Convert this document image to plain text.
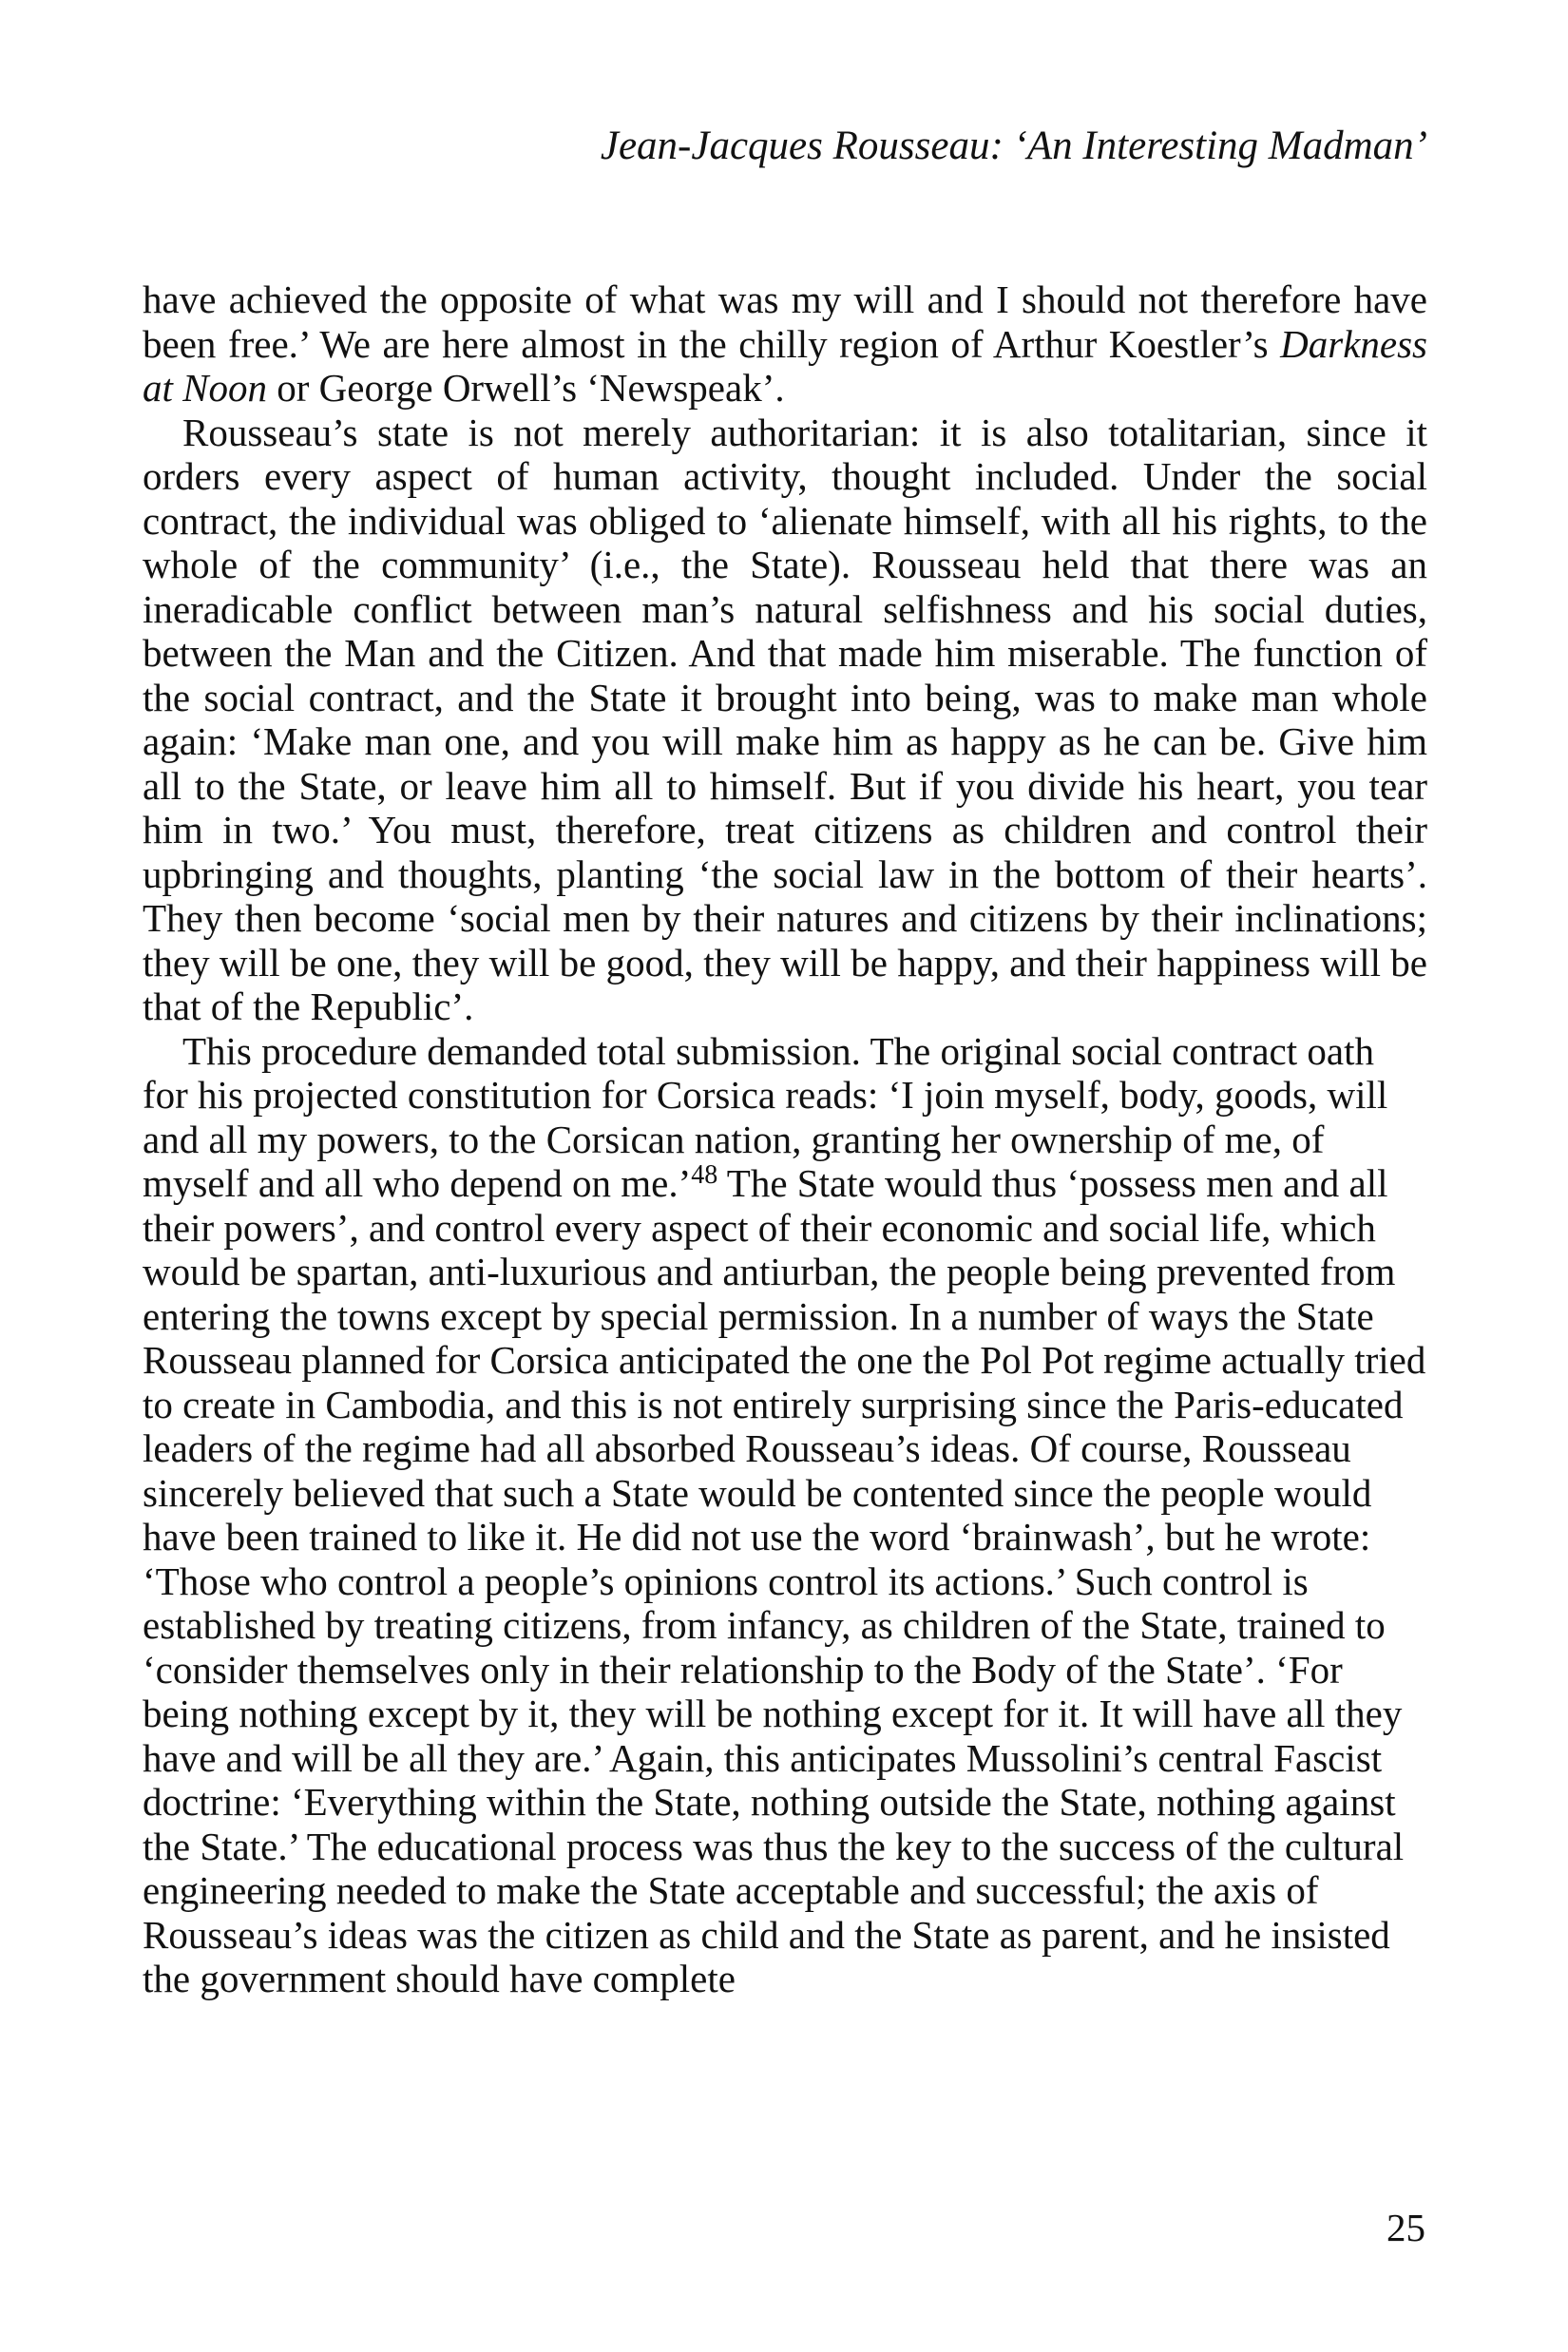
Jean-Jacques Rousseau: ‘An Interesting Madman’

have achieved the opposite of what was my will and I should not therefore have been free.’ We are here almost in the chilly region of Arthur Koestler’s Darkness at Noon or George Orwell’s ‘Newspeak’.

Rousseau’s state is not merely authoritarian: it is also totalitarian, since it orders every aspect of human activity, thought included. Under the social contract, the individual was obliged to ‘alienate himself, with all his rights, to the whole of the community’ (i.e., the State). Rousseau held that there was an ineradicable conflict between man’s natural selfishness and his social duties, between the Man and the Citizen. And that made him miserable. The function of the social contract, and the State it brought into being, was to make man whole again: ‘Make man one, and you will make him as happy as he can be. Give him all to the State, or leave him all to himself. But if you divide his heart, you tear him in two.’ You must, therefore, treat citizens as children and control their upbringing and thoughts, planting ‘the social law in the bottom of their hearts’. They then become ‘social men by their natures and citizens by their inclinations; they will be one, they will be good, they will be happy, and their happiness will be that of the Republic’.

This procedure demanded total submission. The original social contract oath for his projected constitution for Corsica reads: ‘I join myself, body, goods, will and all my powers, to the Corsican nation, granting her ownership of me, of myself and all who depend on me.’$^{48}$ The State would thus ‘possess men and all their powers’, and control every aspect of their economic and social life, which would be spartan, anti-luxurious and antiurban, the people being prevented from entering the towns except by special permission. In a number of ways the State Rousseau planned for Corsica anticipated the one the Pol Pot regime actually tried to create in Cambodia, and this is not entirely surprising since the Paris-educated leaders of the regime had all absorbed Rousseau’s ideas. Of course, Rousseau sincerely believed that such a State would be contented since the people would have been trained to like it. He did not use the word ‘brainwash’, but he wrote: ‘Those who control a people’s opinions control its actions.’ Such control is established by treating citizens, from infancy, as children of the State, trained to ‘consider themselves only in their relationship to the Body of the State’. ‘For being nothing except by it, they will be nothing except for it. It will have all they have and will be all they are.’ Again, this anticipates Mussolini’s central Fascist doctrine: ‘Everything within the State, nothing outside the State, nothing against the State.’ The educational process was thus the key to the success of the cultural engineering needed to make the State acceptable and successful; the axis of Rousseau’s ideas was the citizen as child and the State as parent, and he insisted the government should have complete

25
